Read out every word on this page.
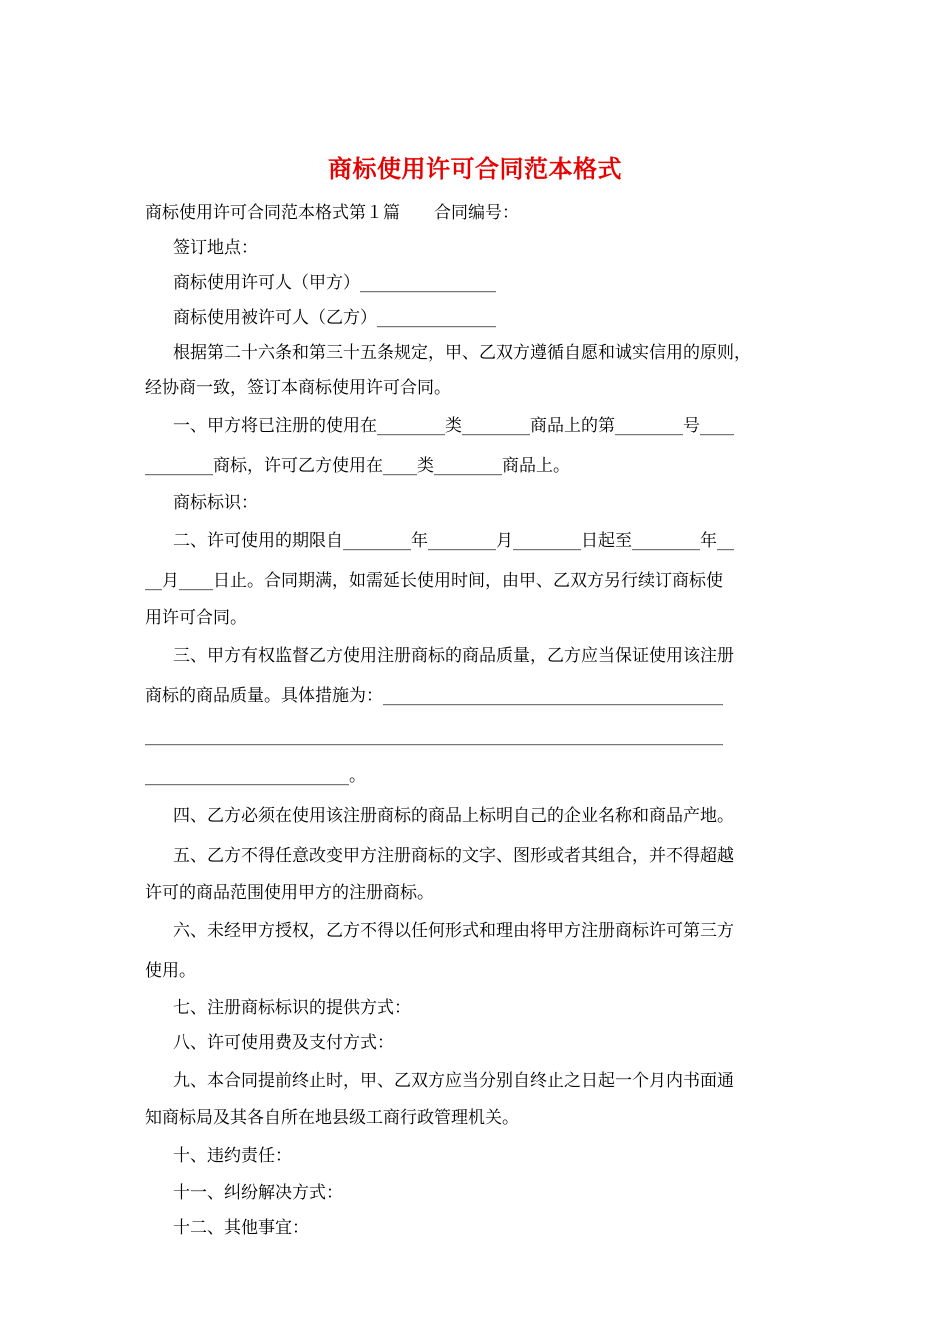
商标使用许可合同范本格式
商标使用许可合同范本格式第１篇　　合同编号：
签订地点：
商标使用许可人（甲方）________________
商标使用被许可人（乙方）______________
根据第二十六条和第三十五条规定，甲、乙双方遵循自愿和诚实信用的原则，
经协商一致，签订本商标使用许可合同。
一、甲方将已注册的使用在________类________商品上的第________号____
________商标，许可乙方使用在____类________商品上。
商标标识：
二、许可使用的期限自________年________月________日起至________年__
__月____日止。合同期满，如需延长使用时间，由甲、乙双方另行续订商标使
用许可合同。
三、甲方有权监督乙方使用注册商标的商品质量，乙方应当保证使用该注册
商标的商品质量。具体措施为：________________________________________
____________________________________________________________________
________________________。
四、乙方必须在使用该注册商标的商品上标明自己的企业名称和商品产地。
五、乙方不得任意改变甲方注册商标的文字、图形或者其组合，并不得超越
许可的商品范围使用甲方的注册商标。
六、未经甲方授权，乙方不得以任何形式和理由将甲方注册商标许可第三方
使用。
七、注册商标标识的提供方式：
八、许可使用费及支付方式：
九、本合同提前终止时，甲、乙双方应当分别自终止之日起一个月内书面通
知商标局及其各自所在地县级工商行政管理机关。
十、违约责任：
十一、纠纷解决方式：
十二、其他事宜：
